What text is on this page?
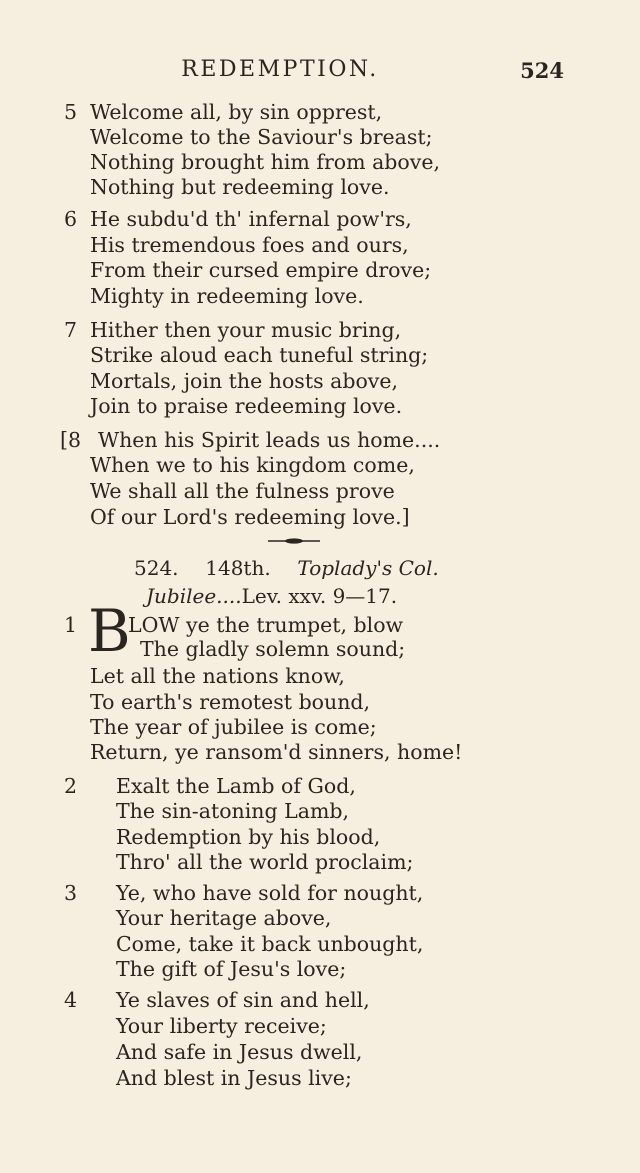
REDEMPTION.	524
5 Welcome all, by sin opprest,
Welcome to the Saviour's breast;
Nothing brought him from above,
Nothing but redeeming love.
6 He subdu'd th' infernal pow'rs,
His tremendous foes and ours,
From their cursed empire drove;
Mighty in redeeming love.
7 Hither then your music bring,
Strike aloud each tuneful string;
Mortals, join the hosts above,
Join to praise redeeming love.
[8 When his Spirit leads us home....
When we to his kingdom come,
We shall all the fulness prove
Of our Lord's redeeming love.]
524. 148th. Toplady's Col.
Jubilee....Lev. xxv. 9—17.
1 B
LOW ye the trumpet, blow
The gladly solemn sound;
Let all the nations know,
To earth's remotest bound,
The year of jubilee is come;
Return, ye ransom'd sinners, home!
2 Exalt the Lamb of God,
The sin-atoning Lamb,
Redemption by his blood,
Thro' all the world proclaim;
3 Ye, who have sold for nought,
Your heritage above,
Come, take it back unbought,
The gift of Jesu's love;
4 Ye slaves of sin and hell,
Your liberty receive;
And safe in Jesus dwell,
And blest in Jesus live;
